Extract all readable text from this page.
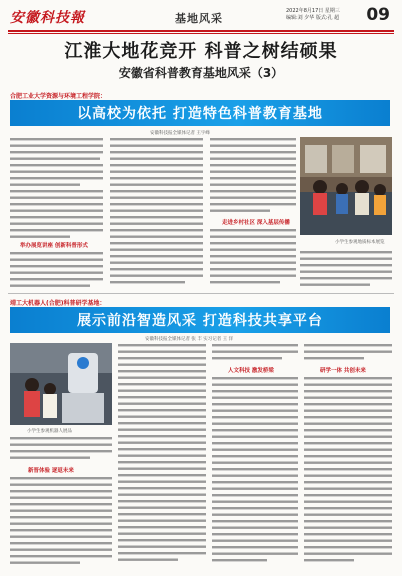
安徽科技報	基地风采
2022年8月17日 星期三
编辑:刘 夕华 版式:孔 超 09
江淮大地花竞开 科普之树结硕果
安徽省科普教育基地风采（3）
合肥工业大学资源与环境工程学院：
以高校为依托 打造特色科普教育基地
安徽科技报全媒体记者 王宇峰
举办展览讲座 创新科普形式
走进乡村社区 深入基层传播
小学生参观地质标本展览
靖工大机器人(合肥)科普研学基地：
展示前沿智造风采 打造科技共享平台
安徽科技报全媒体记者 张 丰 实习记者 王 洋
小学生参观机器人展品
新晋体验 逐返未来
人文科技 激发桥梁	研学一体 共创未来
